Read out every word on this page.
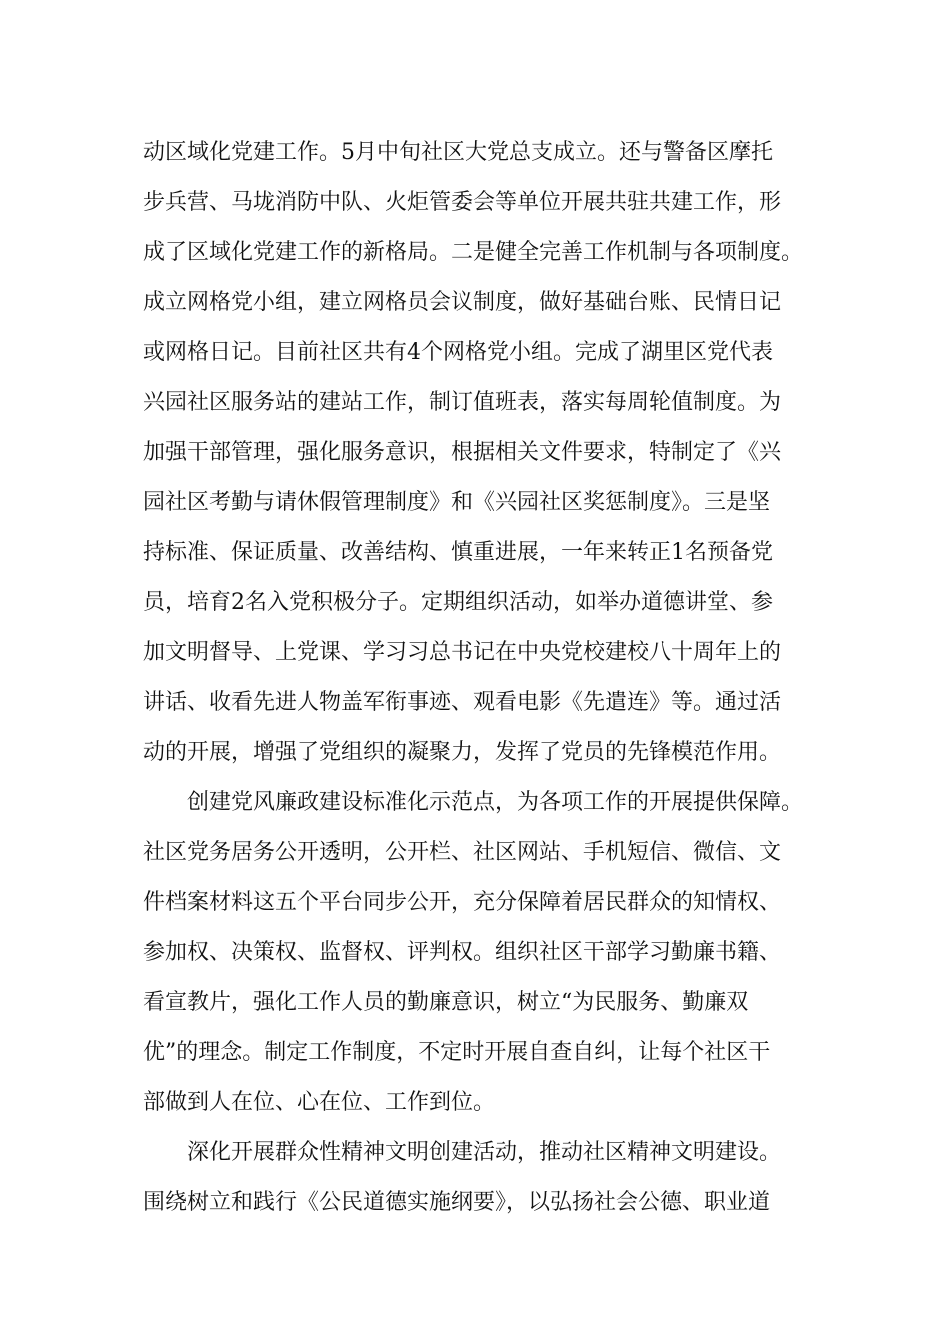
动区域化党建工作。5月中旬社区大党总支成立。还与警备区摩托
步兵营、马垅消防中队、火炬管委会等单位开展共驻共建工作，形
成了区域化党建工作的新格局。二是健全完善工作机制与各项制度。
成立网格党小组，建立网格员会议制度，做好基础台账、民情日记
或网格日记。目前社区共有4个网格党小组。完成了湖里区党代表
兴园社区服务站的建站工作，制订值班表，落实每周轮值制度。为
加强干部管理，强化服务意识，根据相关文件要求，特制定了《兴
园社区考勤与请休假管理制度》和《兴园社区奖惩制度》。三是坚
持标准、保证质量、改善结构、慎重进展，一年来转正1名预备党
员，培育2名入党积极分子。定期组织活动，如举办道德讲堂、参
加文明督导、上党课、学习习总书记在中央党校建校八十周年上的
讲话、收看先进人物盖军衔事迹、观看电影《先遣连》等。通过活
动的开展，增强了党组织的凝聚力，发挥了党员的先锋模范作用。
创建党风廉政建设标准化示范点，为各项工作的开展提供保障。
社区党务居务公开透明，公开栏、社区网站、手机短信、微信、文
件档案材料这五个平台同步公开，充分保障着居民群众的知情权、
参加权、决策权、监督权、评判权。组织社区干部学习勤廉书籍、
看宣教片，强化工作人员的勤廉意识，树立“为民服务、勤廉双
优”的理念。制定工作制度，不定时开展自查自纠，让每个社区干
部做到人在位、心在位、工作到位。
深化开展群众性精神文明创建活动，推动社区精神文明建设。
围绕树立和践行《公民道德实施纲要》，以弘扬社会公德、职业道
